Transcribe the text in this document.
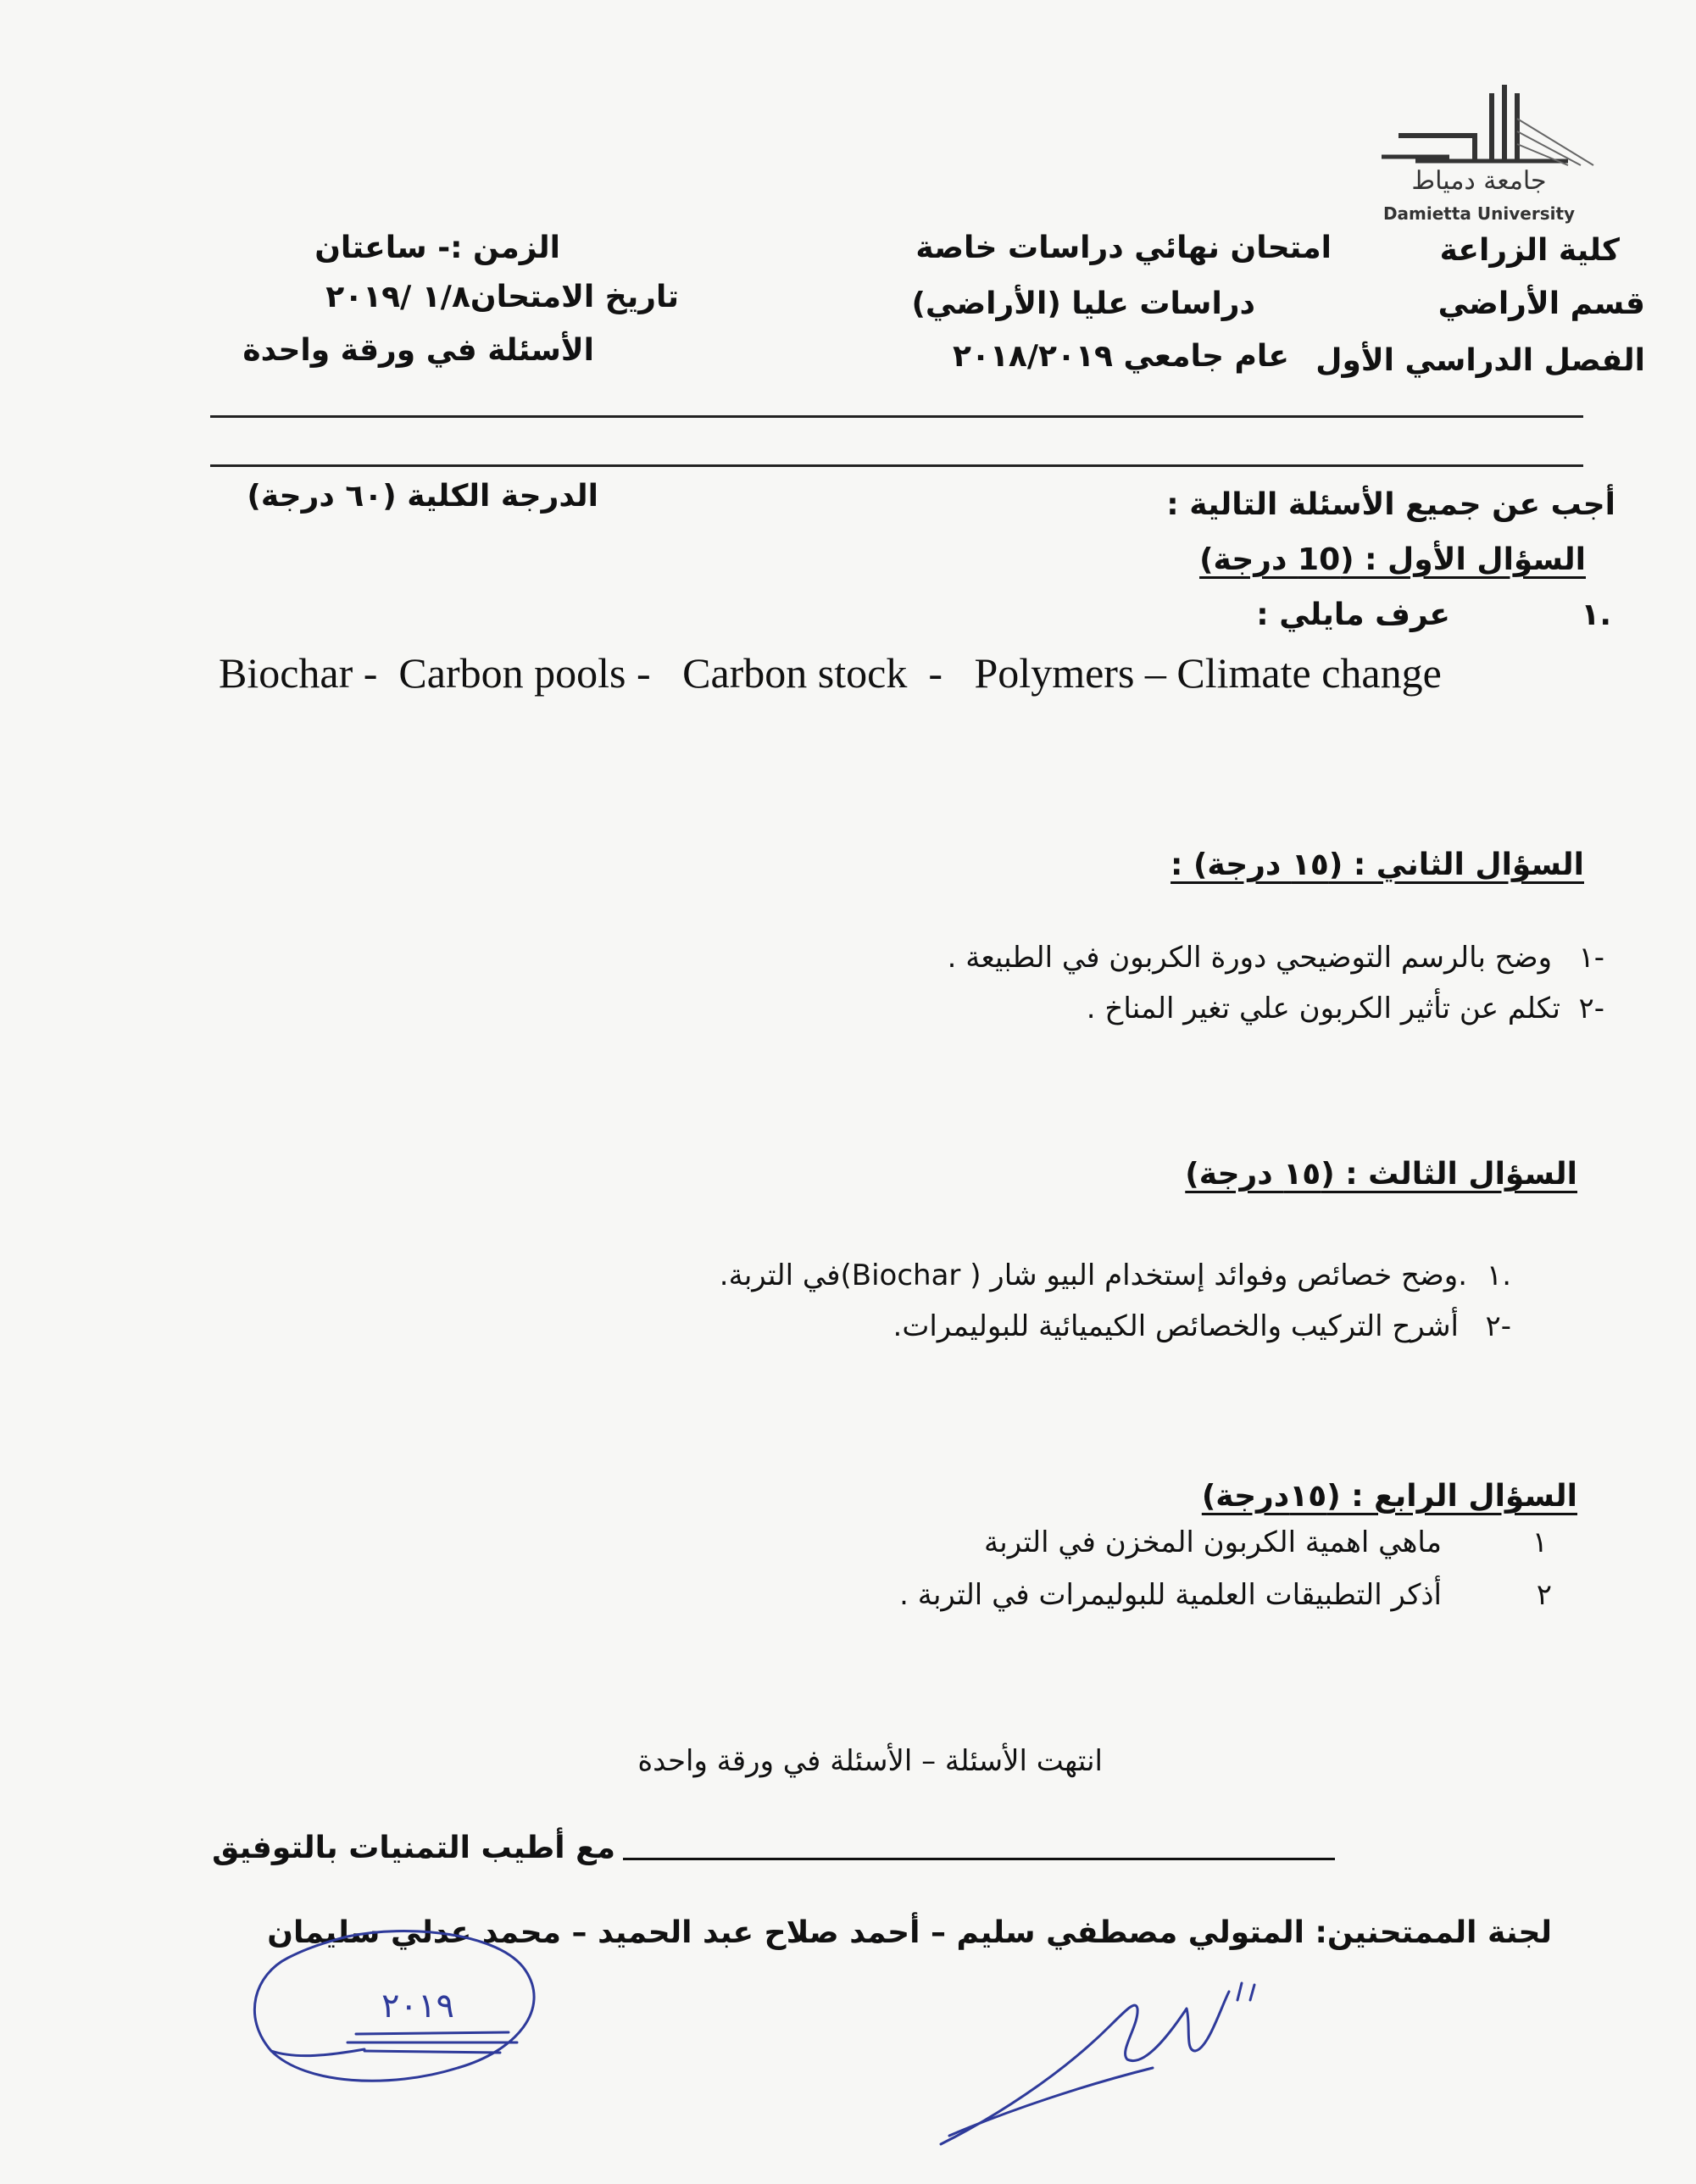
جامعة دمياط
Damietta University
كلية الزراعة
قسم الأراضي
الفصل الدراسي الأول
امتحان نهائي دراسات خاصة
دراسات عليا (الأراضي)
عام جامعي ٢٠١٨/٢٠١٩
الزمن :- ساعتان
تاريخ الامتحان١/٨ /٢٠١٩
الأسئلة في ورقة واحدة
أجب عن جميع الأسئلة التالية :
الدرجة الكلية (٦٠ درجة)
السؤال الأول : (10 درجة)
١.
عرف مايلي :
Biochar -  Carbon pools -   Carbon stock  -   Polymers – Climate change
السؤال الثاني : (١٥ درجة) :
١-
وضح بالرسم التوضيحي دورة الكربون في الطبيعة .
٢-
تكلم عن تأثير الكربون علي تغير المناخ .
السؤال الثالث : (١٥ درجة)
١.
.وضح خصائص وفوائد إستخدام البيو شار ( Biochar)في التربة.
٢-
أشرح التركيب والخصائص الكيميائية للبوليمرات.
السؤال الرابع : (١٥درجة)
١
ماهي اهمية الكربون المخزن في التربة
٢
أذكر التطبيقات العلمية للبوليمرات في التربة .
انتهت الأسئلة – الأسئلة في ورقة واحدة
مع أطيب التمنيات بالتوفيق
لجنة الممتحنين: المتولي مصطفي سليم – أحمد صلاح عبد الحميد – محمد عدلي سليمان
٢٠١٩
